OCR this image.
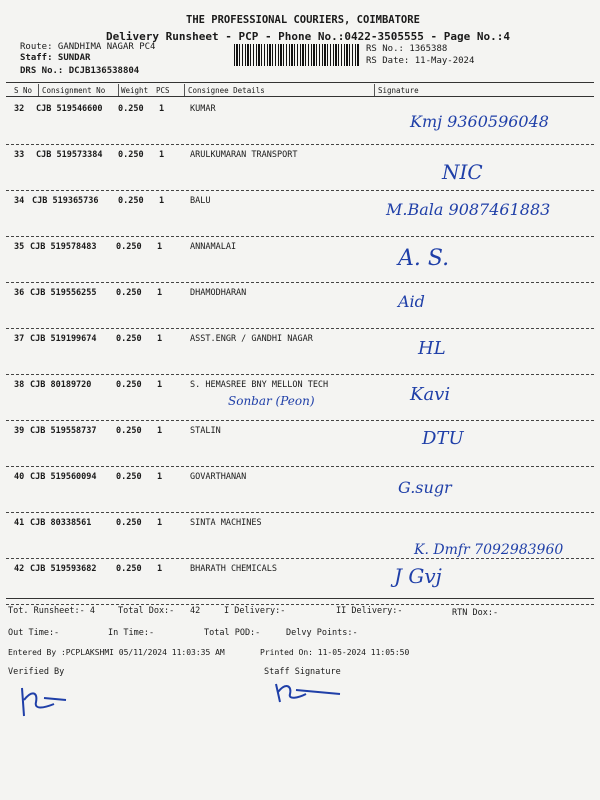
THE PROFESSIONAL COURIERS, COIMBATORE
Delivery Runsheet - PCP - Phone No.:0422-3505555 - Page No.:4
Route: GANDHIMA NAGAR PC4
Staff: SUNDAR
DRS No.: DCJB136538804
RS No.: 1365388
RS Date: 11-May-2024
S No Consignment No Weight PCS Consignee Details	Signature
32 CJB 519546600 0.250 1	KUMAR
Kmj 9360596048
33 CJB 519573384 0.250 1	ARULKUMARAN TRANSPORT
NIC
34 CJB 519365736 0.250 1	BALU	M.Bala 9087461883
35 CJB 519578483 0.250 1	ANNAMALAI	A. S.
36 CJB 519556255 0.250 1	DHAMODHARAN	Aid
37 CJB 519199674 0.250 1	ASST.ENGR / GANDHI NAGAR	HL
38 CJB 80189720	0.250 1	S. HEMASREE BNY MELLON TECH	Kavi
Sonbar (Peon)
39 CJB 519558737 0.250 1	STALIN	DTU
40 CJB 519560094 0.250 1	GOVARTHANAN
G.sugr
41 CJB 80338561	0.250 1	SINTA MACHINES
K. Dmfr 7092983960
42 CJB 519593682 0.250 1	BHARATH CHEMICALS	J Gvj
Tot. Runsheet:- 4	Total Dox:- 42	I Delivery:-	II Delivery:-	RTN Dox:-
Out Time:-	In Time:-	Total POD:-	Delvy Points:-
Entered By :PCPLAKSHMI 05/11/2024 11:03:35 AM	Printed On: 11-05-2024 11:05:50
Verified By	Staff Signature
